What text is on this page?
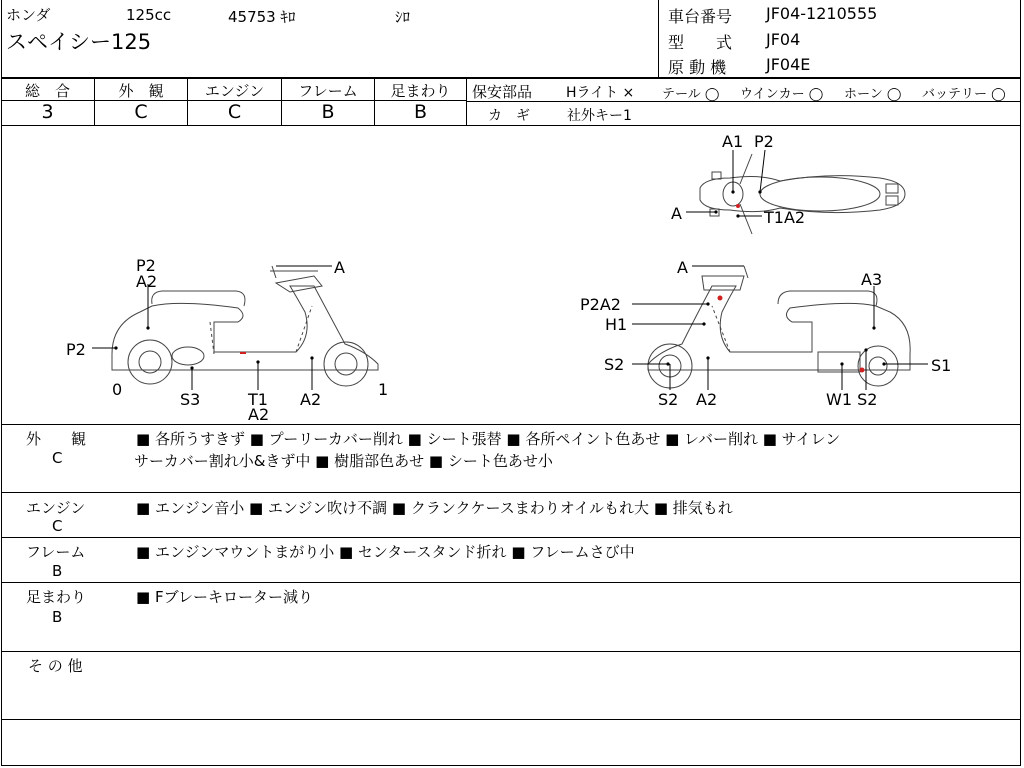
ホンダ	125cc	45753 ｷﾛ	ｼﾛ
スペイシー125
車台番号 JF04-1210555
型　　式 JF04
原 動 機 JF04E
総　合	外　観	エンジン	フレーム	足まわり
3	C	C	B	B
保安部品 Hライト × テール ◯ ウインカー ◯ ホーン ◯ バッテリー ◯
カ　ギ	社外キー1
A1 P2
A	T1A2
P2
A2
A
P2
0	1
S3	T1
A2
A2
A
A3
P2A2
H1
S2	S1
S2 A2	W1 S2
外　　観
C
■ 各所うすきず ■ プーリーカバー削れ ■ シート張替 ■ 各所ペイント色あせ ■ レバー削れ ■ サイレン
サーカバー割れ小&きず中 ■ 樹脂部色あせ ■ シート色あせ小
エンジン
C
■ エンジン音小 ■ エンジン吹け不調 ■ クランクケースまわりオイルもれ大 ■ 排気もれ
フレーム
B
■ エンジンマウントまがり小 ■ センタースタンド折れ ■ フレームさび中
足まわり
B
■ Fブレーキローター減り
そ の 他
